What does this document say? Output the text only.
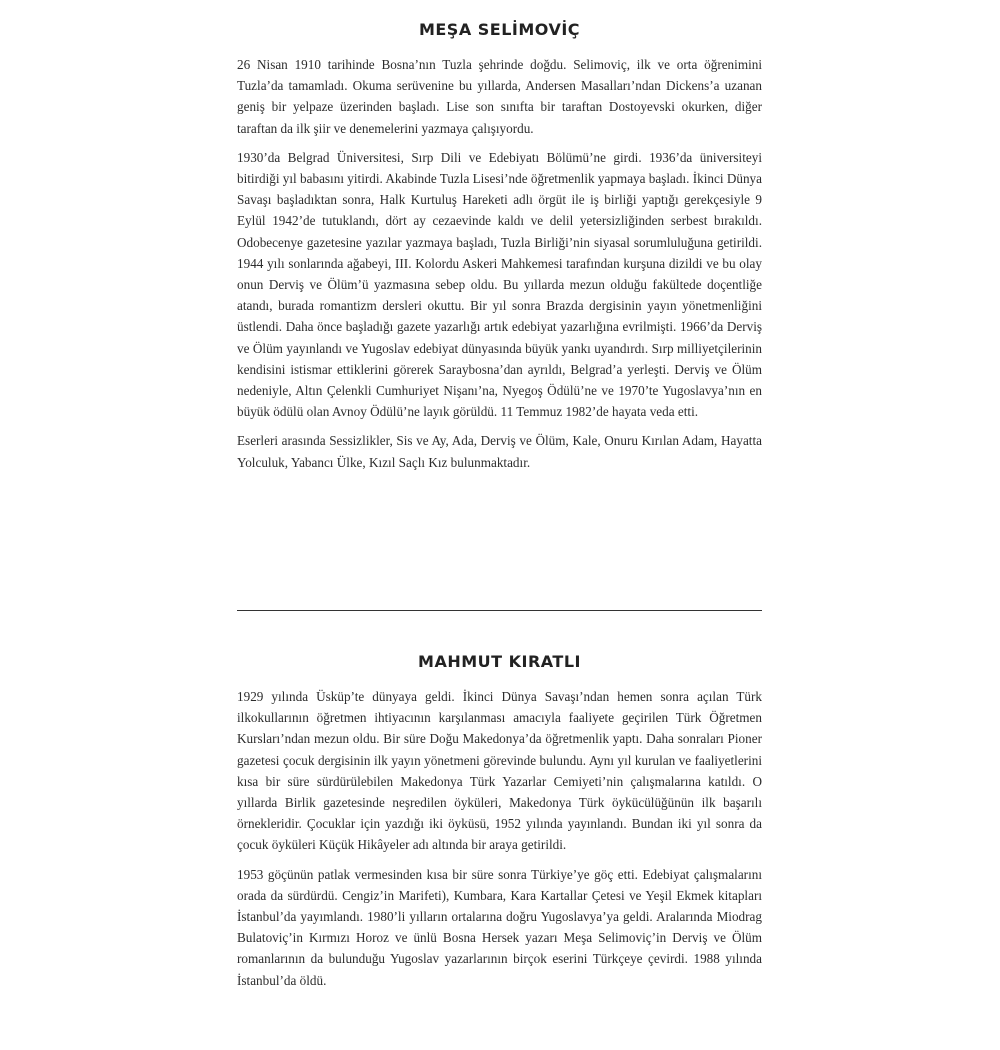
MEŞA SELİMOVİÇ

26 Nisan 1910 tarihinde Bosna’nın Tuzla şehrinde doğdu. Selimoviç, ilk ve orta öğrenimini Tuzla’da tamamladı. Okuma serüvenine bu yıllarda, Andersen Masalları’ndan Dickens’a uzanan geniş bir yelpaze üzerinden başladı. Lise son sınıfta bir taraftan Dostoyevski okurken, diğer taraftan da ilk şiir ve denemelerini yazmaya çalışıyordu.

1930’da Belgrad Üniversitesi, Sırp Dili ve Edebiyatı Bölümü’ne girdi. 1936’da üniversiteyi bitirdiği yıl babasını yitirdi. Akabinde Tuzla Lisesi’nde öğretmenlik yapmaya başladı. İkinci Dünya Savaşı başladıktan sonra, Halk Kurtuluş Hareketi adlı örgüt ile iş birliği yaptığı gerekçesiyle 9 Eylül 1942’de tutuklandı, dört ay cezaevinde kaldı ve delil yetersizliğinden serbest bırakıldı. Odobecenye gazetesine yazılar yazmaya başladı, Tuzla Birliği’nin siyasal sorumluluğuna getirildi. 1944 yılı sonlarında ağabeyi, III. Kolordu Askeri Mahkemesi tarafından kurşuna dizildi ve bu olay onun Derviş ve Ölüm’ü yazmasına sebep oldu. Bu yıllarda mezun olduğu fakültede doçentliğe atandı, burada romantizm dersleri okuttu. Bir yıl sonra Brazda dergisinin yayın yönetmenliğini üstlendi. Daha önce başladığı gazete yazarlığı artık edebiyat yazarlığına evrilmişti. 1966’da Derviş ve Ölüm yayınlandı ve Yugoslav edebiyat dünyasında büyük yankı uyandırdı. Sırp milliyetçilerinin kendisini istismar ettiklerini görerek Saraybosna’dan ayrıldı, Belgrad’a yerleşti. Derviş ve Ölüm nedeniyle, Altın Çelenkli Cumhuriyet Nişanı’na, Nyegoş Ödülü’ne ve 1970’te Yugoslavya’nın en büyük ödülü olan Avnoy Ödülü’ne layık görüldü. 11 Temmuz 1982’de hayata veda etti.

Eserleri arasında Sessizlikler, Sis ve Ay, Ada, Derviş ve Ölüm, Kale, Onuru Kırılan Adam, Hayatta Yolculuk, Yabancı Ülke, Kızıl Saçlı Kız bulunmaktadır.

MAHMUT KIRATLI

1929 yılında Üsküp’te dünyaya geldi. İkinci Dünya Savaşı’ndan hemen sonra açılan Türk ilkokullarının öğretmen ihtiyacının karşılanması amacıyla faaliyete geçirilen Türk Öğretmen Kursları’ndan mezun oldu. Bir süre Doğu Makedonya’da öğretmenlik yaptı. Daha sonraları Pioner gazetesi çocuk dergisinin ilk yayın yönetmeni görevinde bulundu. Aynı yıl kurulan ve faaliyetlerini kısa bir süre sürdürülebilen Makedonya Türk Yazarlar Cemiyeti’nin çalışmalarına katıldı. O yıllarda Birlik gazetesinde neşredilen öyküleri, Makedonya Türk öykücülüğünün ilk başarılı örnekleridir. Çocuklar için yazdığı iki öyküsü, 1952 yılında yayınlandı. Bundan iki yıl sonra da çocuk öyküleri Küçük Hikâyeler adı altında bir araya getirildi.

1953 göçünün patlak vermesinden kısa bir süre sonra Türkiye’ye göç etti. Edebiyat çalışmalarını orada da sürdürdü. Cengiz’in Marifeti), Kumbara, Kara Kartallar Çetesi ve Yeşil Ekmek kitapları İstanbul’da yayımlandı. 1980’li yılların ortalarına doğru Yugoslavya’ya geldi. Aralarında Miodrag Bulatoviç’in Kırmızı Horoz ve ünlü Bosna Hersek yazarı Meşa Selimoviç’in Derviş ve Ölüm romanlarının da bulunduğu Yugoslav yazarlarının birçok eserini Türkçeye çevirdi. 1988 yılında İstanbul’da öldü.
